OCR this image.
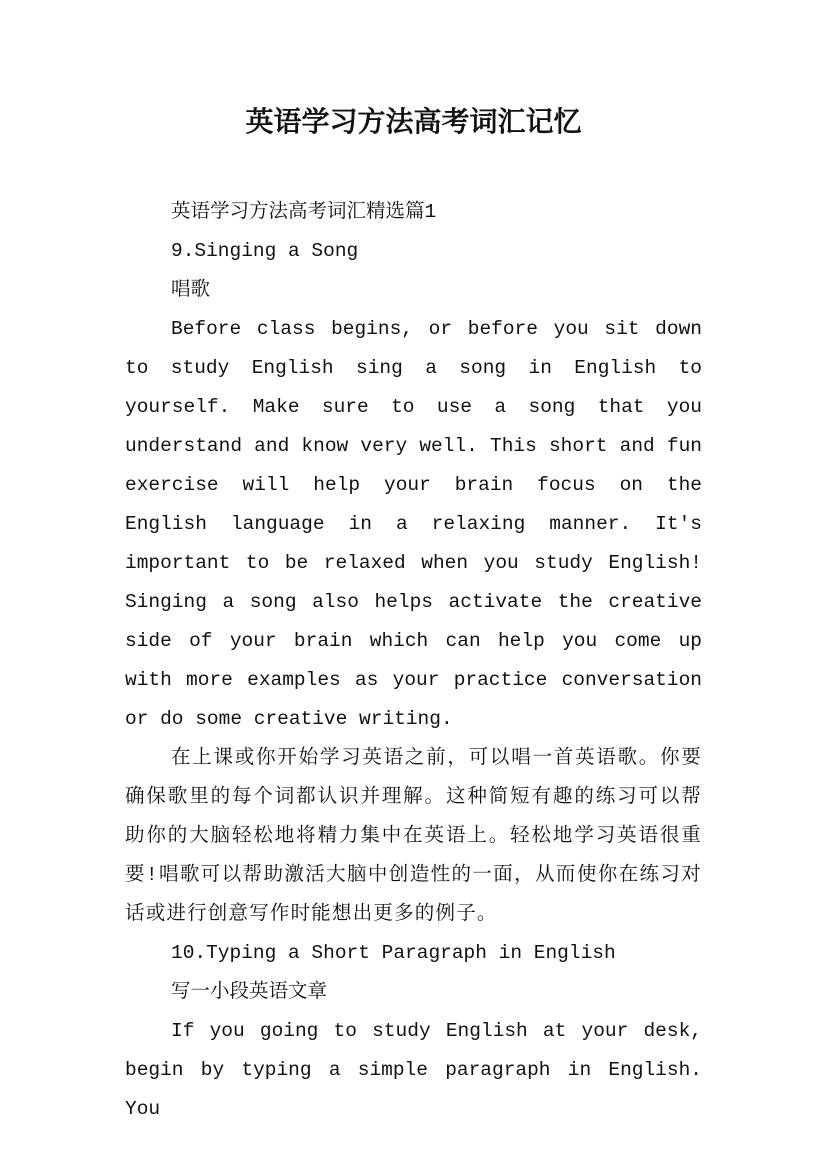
英语学习方法高考词汇记忆

英语学习方法高考词汇精选篇1

9.Singing a Song

唱歌

Before class begins, or before you sit down to study English sing a song in English to yourself. Make sure to use a song that you understand and know very well. This short and fun exercise will help your brain focus on the English language in a relaxing manner. It's important to be relaxed when you study English! Singing a song also helps activate the creative side of your brain which can help you come up with more examples as your practice conversation or do some creative writing.

在上课或你开始学习英语之前，可以唱一首英语歌。你要确保歌里的每个词都认识并理解。这种简短有趣的练习可以帮助你的大脑轻松地将精力集中在英语上。轻松地学习英语很重要!唱歌可以帮助激活大脑中创造性的一面，从而使你在练习对话或进行创意写作时能想出更多的例子。

10.Typing a Short Paragraph in English

写一小段英语文章

If you going to study English at your desk, begin by typing a simple paragraph in English. You
